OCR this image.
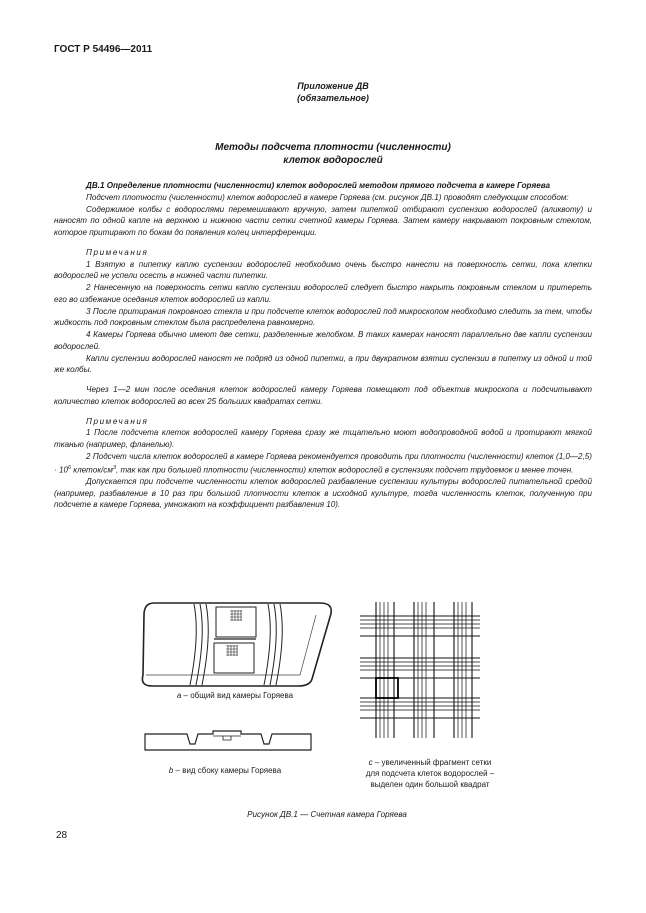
ГОСТ Р 54496—2011
Приложение ДВ
(обязательное)
Методы подсчета плотности (численности)
клеток водорослей

ДВ.1 Определение плотности (численности) клеток водорослей методом прямого подсчета в камере Горяева

Подсчет плотности (численности) клеток водорослей в камере Горяева (см. рисунок ДВ.1) проводят следующим способом:

Содержимое колбы с водорослями перемешивают вручную, затем пипеткой отбирают суспензию водорослей (аликвоту) и наносят по одной капле на верхнюю и нижнюю части сетки счетной камеры Горяева. Затем камеру накрывают покровным стеклом, которое притирают по бокам до появления колец интерференции.

Примечания

1 Взятую в пипетку каплю суспензии водорослей необходимо очень быстро нанести на поверхность сетки, пока клетки водорослей не успели осесть в нижней части пипетки.

2 Нанесенную на поверхность сетки каплю суспензии водорослей следует быстро накрыть покровным стеклом и притереть его во избежание оседания клеток водорослей из капли.

3 После притирания покровного стекла и при подсчете клеток водорослей под микроскопом необходимо следить за тем, чтобы жидкость под покровным стеклом была распределена равномерно.

4 Камеры Горяева обычно имеют две сетки, разделенные желобком. В таких камерах наносят параллельно две капли суспензии водорослей.

Капли суспензии водорослей наносят не подряд из одной пипетки, а при двукратном взятии суспензии в пипетку из одной и той же колбы.

Через 1—2 мин после оседания клеток водорослей камеру Горяева помещают под объектив микроскопа и подсчитывают количество клеток водорослей во всех 25 больших квадратах сетки.

Примечания

1 После подсчета клеток водорослей камеру Горяева сразу же тщательно моют водопроводной водой и протирают мягкой тканью (например, фланелью).

2 Подсчет числа клеток водорослей в камере Горяева рекомендуется проводить при плотности (численности) клеток (1,0—2,5) · $10^6$ клеток/$см^3$, так как при большей плотности (численности) клеток водорослей в суспензиях подсчет трудоемок и менее точен.

Допускается при подсчете численности клеток водорослей разбавление суспензии культуры водорослей питательной средой (например, разбавление в 10 раз при большой плотности клеток в исходной культуре, тогда численность клеток, полученную при подсчете в камере Горяева, умножают на коэффициент разбавления 10).

a – общий вид камеры Горяева
b – вид сбоку камеры Горяева
c – увеличенный фрагмент сетки
для подсчета клеток водорослей –
выделен один большой квадрат
Рисунок ДВ.1 — Счетная камера Горяева
28
